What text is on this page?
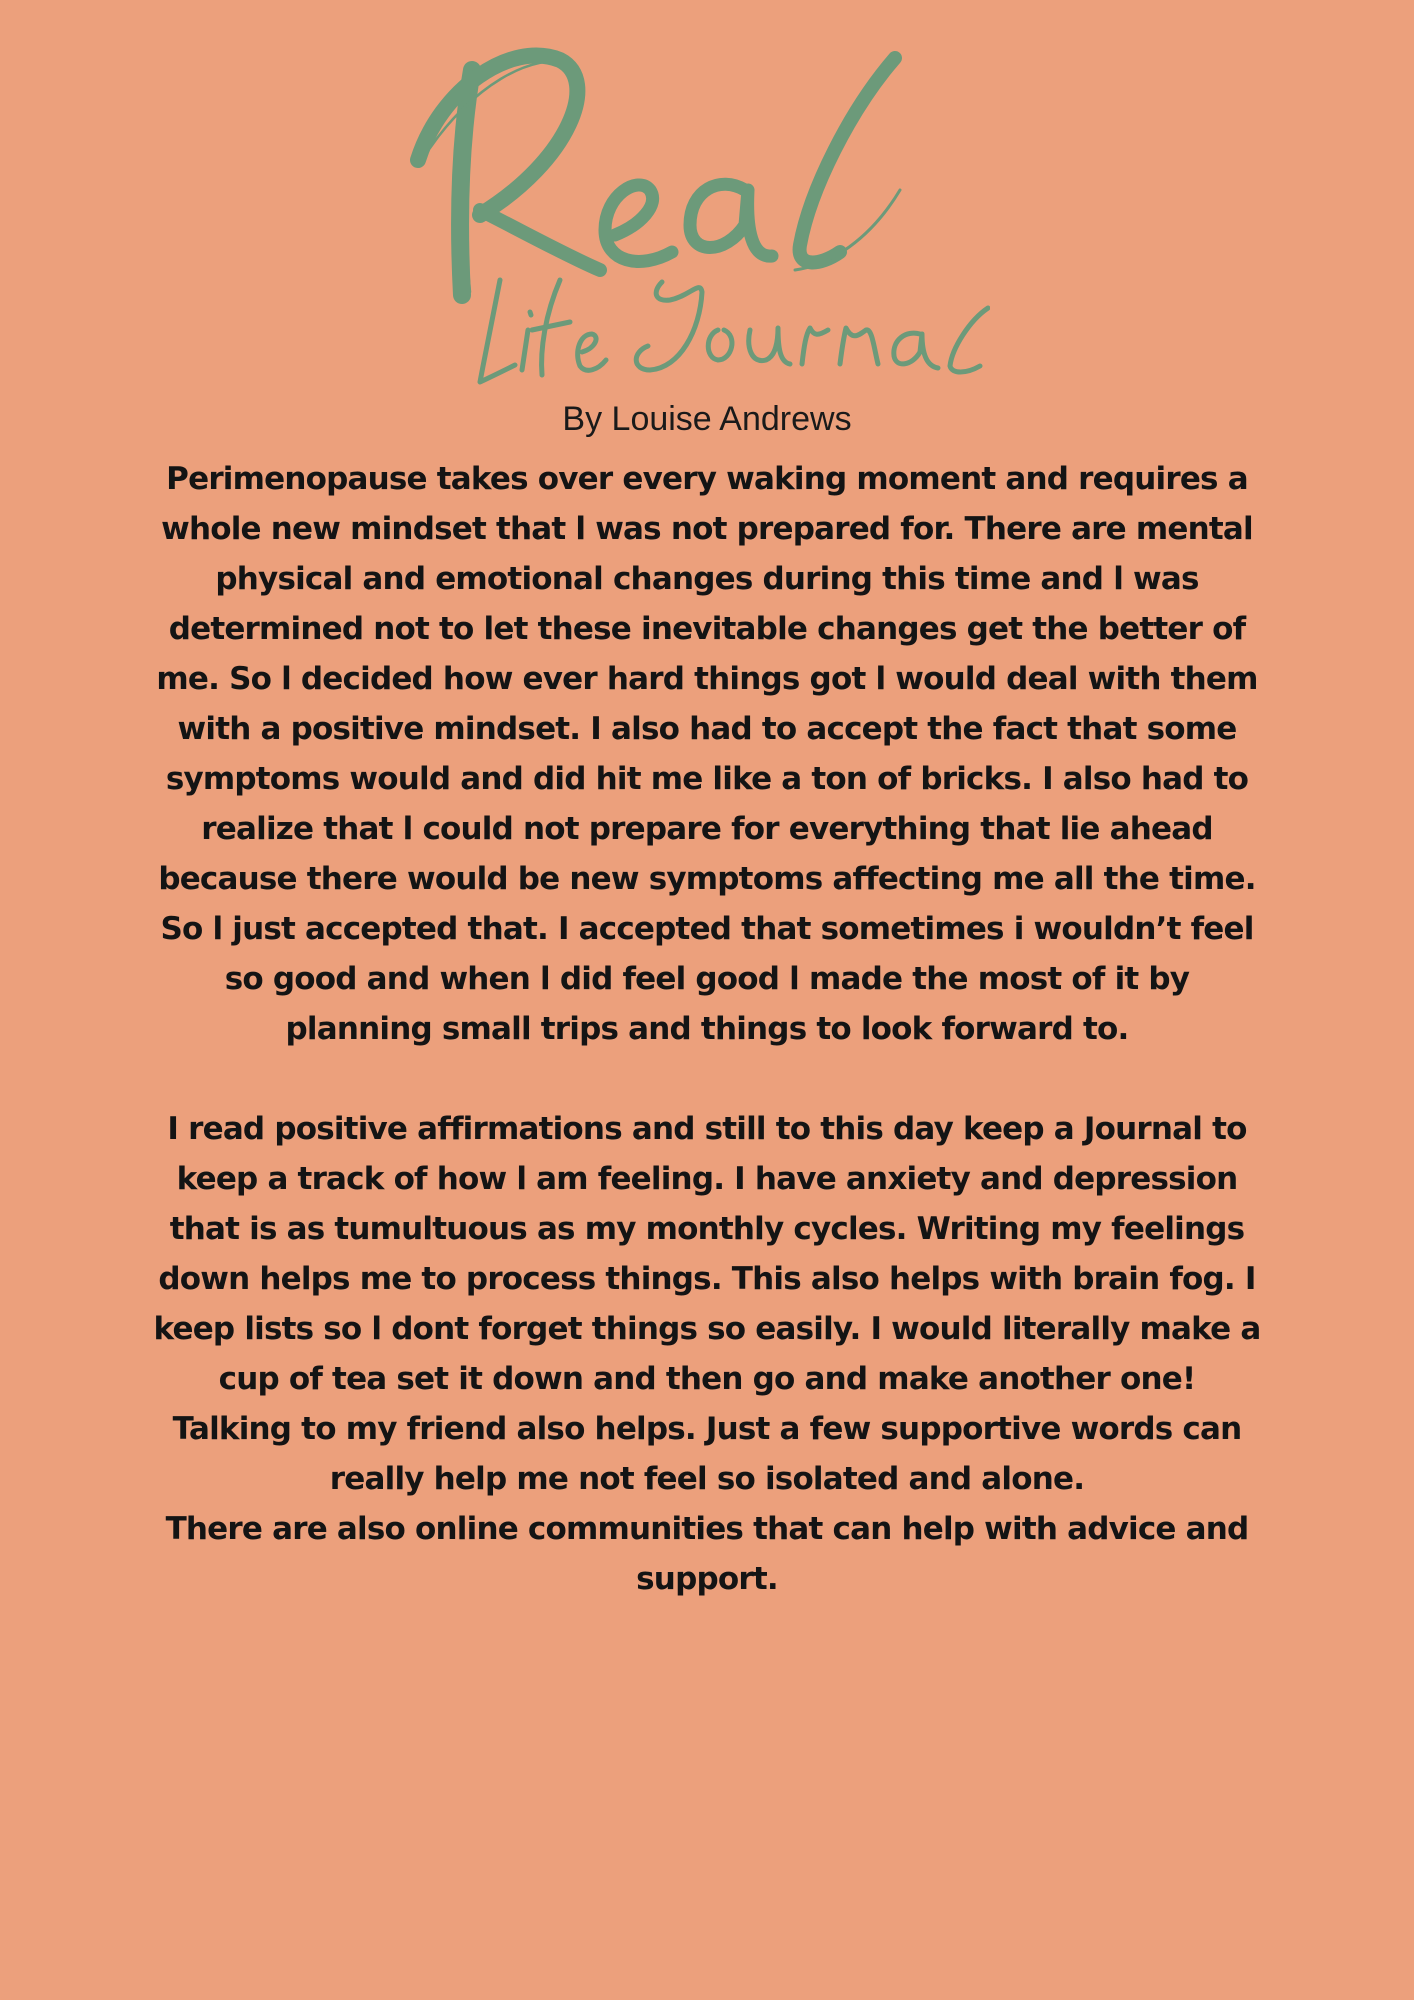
By Louise Andrews

Perimenopause takes over every waking moment and requires a whole new mindset that l was not prepared for. There are mental physical and emotional changes during this time and l was determined not to let these inevitable changes get the better of me. So l decided how ever hard things got l would deal with them with a positive mindset. I also had to accept the fact that some symptoms would and did hit me like a ton of bricks. I also had to realize that l could not prepare for everything that lie ahead because there would be new symptoms affecting me all the time. So l just accepted that. I accepted that sometimes i wouldn’t feel so good and when l did feel good l made the most of it by planning small trips and things to look forward to.

I read positive affirmations and still to this day keep a Journal to keep a track of how l am feeling. I have anxiety and depression that is as tumultuous as my monthly cycles. Writing my feelings down helps me to process things. This also helps with brain fog. I keep lists so l dont forget things so easily. I would literally make a cup of tea set it down and then go and make another one!

Talking to my friend also helps. Just a few supportive words can really help me not feel so isolated and alone.

There are also online communities that can help with advice and support.
